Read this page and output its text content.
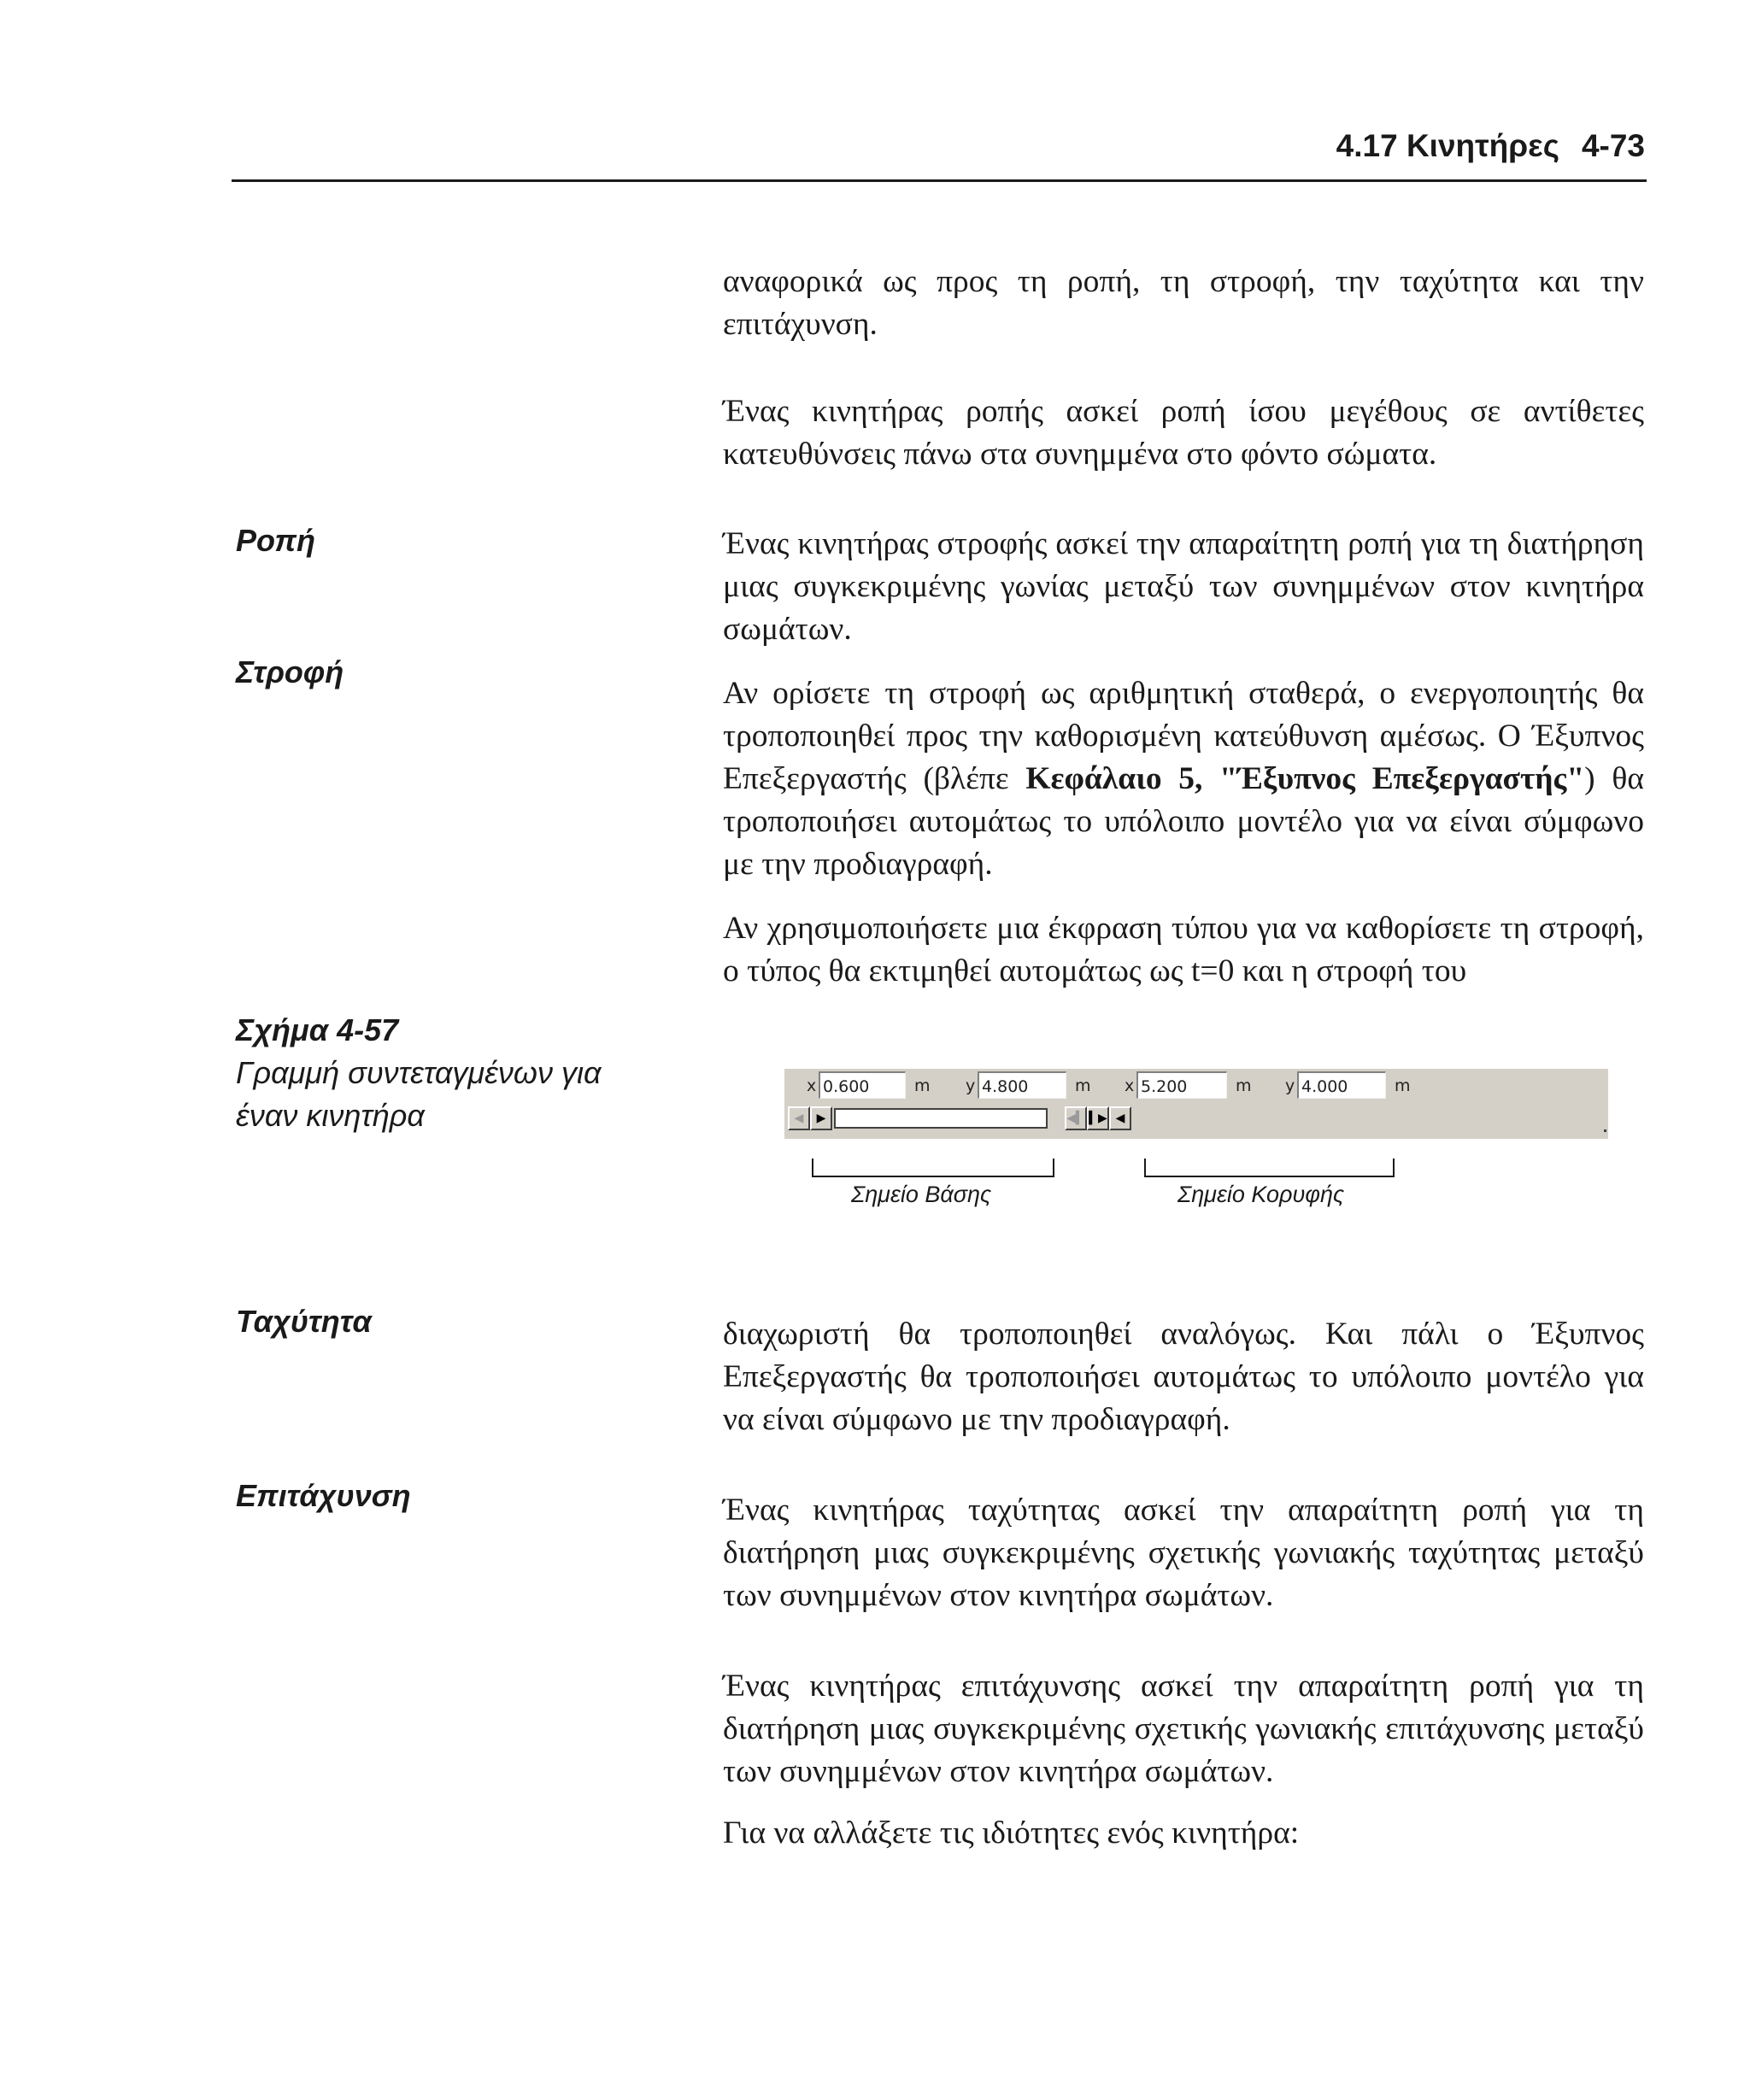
4.17 Κινητήρες 4-73
Ροπή
Στροφή
Σχήμα 4-57
Γραμμή συντεταγμένων για
έναν κινητήρα
Ταχύτητα
Επιτάχυνση
αναφορικά ως προς τη ροπή, τη στροφή, την ταχύτητα και την επιτάχυνση.
Ένας κινητήρας ροπής ασκεί ροπή ίσου μεγέθους σε αντίθετες κατευθύνσεις πάνω στα συνημμένα στο φόντο σώματα.
Ένας κινητήρας στροφής ασκεί την απαραίτητη ροπή για τη διατήρηση μιας συγκεκριμένης γωνίας μεταξύ των συνημμένων στον κινητήρα σωμάτων.
Αν ορίσετε τη στροφή ως αριθμητική σταθερά, ο ενεργοποιητής θα τροποποιηθεί προς την καθορισμένη κατεύθυνση αμέσως. Ο Έξυπνος Επεξεργαστής (βλέπε Κεφάλαιο 5, "Έξυπνος Επεξεργαστής") θα τροποποιήσει αυτομάτως το υπόλοιπο μοντέλο για να είναι σύμφωνο με την προδιαγραφή.
Αν χρησιμοποιήσετε μια έκφραση τύπου για να καθορίσετε τη στροφή, ο τύπος θα εκτιμηθεί αυτομάτως ως t=0 και η στροφή του
x 0.600	m y 4.800	m x 5.200	m y 4.000	m
◀	▶	◀▍ ▍▶ ◀
Σημείο Βάσης	Σημείο Κορυφής
διαχωριστή θα τροποποιηθεί αναλόγως. Και πάλι ο Έξυπνος Επεξεργαστής θα τροποποιήσει αυτομάτως το υπόλοιπο μοντέλο για να είναι σύμφωνο με την προδιαγραφή.
Ένας κινητήρας ταχύτητας ασκεί την απαραίτητη ροπή για τη διατήρηση μιας συγκεκριμένης σχετικής γωνιακής ταχύτητας μεταξύ των συνημμένων στον κινητήρα σωμάτων.
Ένας κινητήρας επιτάχυνσης ασκεί την απαραίτητη ροπή για τη διατήρηση μιας συγκεκριμένης σχετικής γωνιακής επιτάχυνσης μεταξύ των συνημμένων στον κινητήρα σωμάτων.
Για να αλλάξετε τις ιδιότητες ενός κινητήρα:
